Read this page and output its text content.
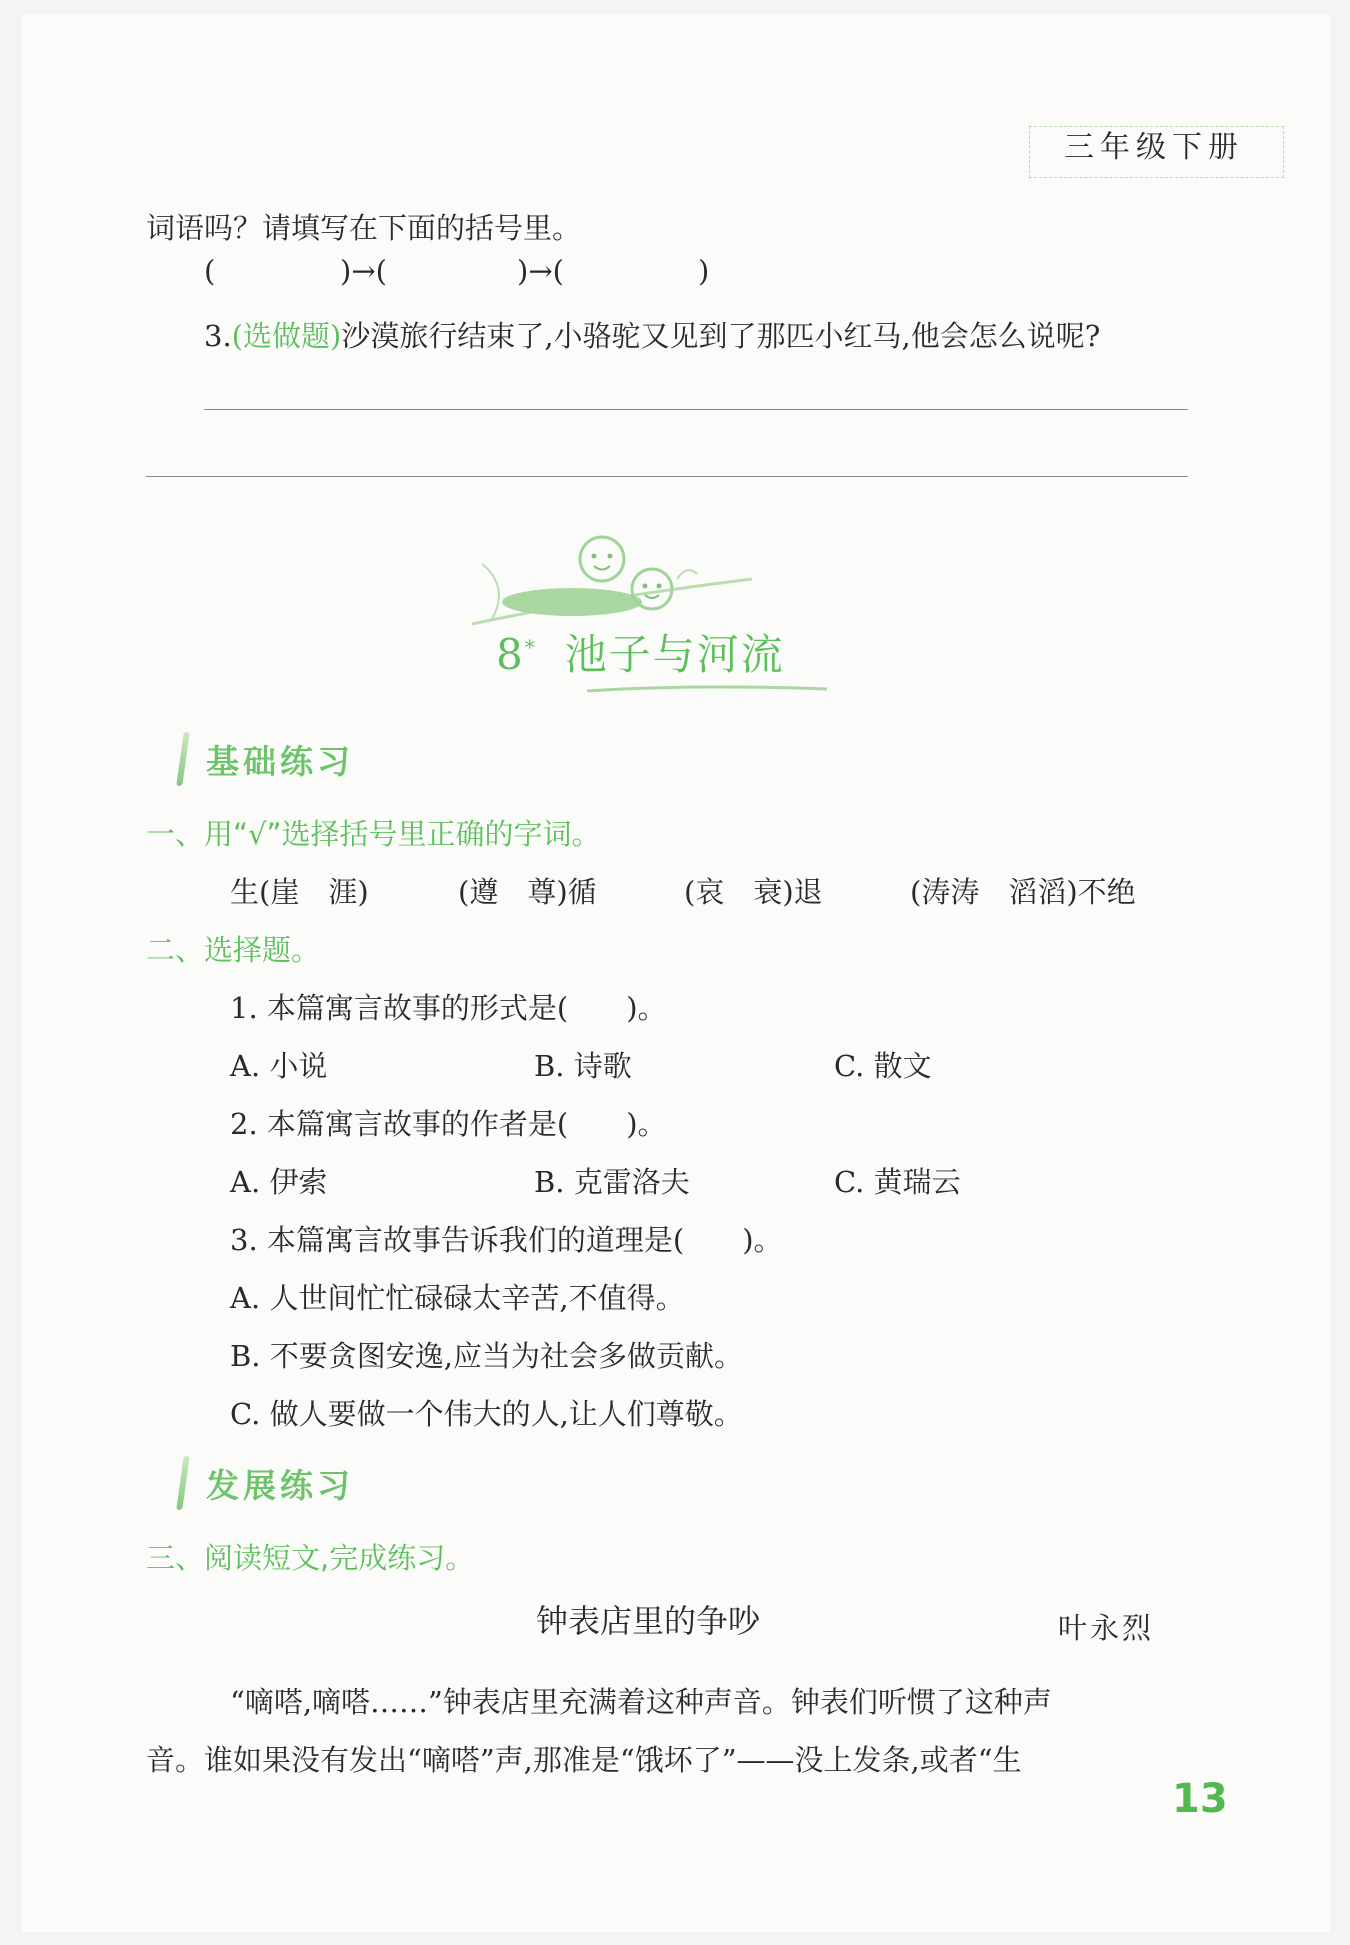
三年级下册
词语吗？请填写在下面的括号里。
(	)→(	)→(	)
3.(选做题)沙漠旅行结束了,小骆驼又见到了那匹小红马,他会怎么说呢?
8* 池子与河流
基础练习
一、用“√”选择括号里正确的字词。
生(崖　涯)	(遵　尊)循	(哀　衰)退	(涛涛　滔滔)不绝
二、选择题。
1. 本篇寓言故事的形式是(　　)。
A. 小说	B. 诗歌	C. 散文
2. 本篇寓言故事的作者是(　　)。
A. 伊索	B. 克雷洛夫	C. 黄瑞云
3. 本篇寓言故事告诉我们的道理是(　　)。
A. 人世间忙忙碌碌太辛苦,不值得。
B. 不要贪图安逸,应当为社会多做贡献。
C. 做人要做一个伟大的人,让人们尊敬。
发展练习
三、阅读短文,完成练习。
钟表店里的争吵	叶永烈
“嘀嗒,嘀嗒……”钟表店里充满着这种声音。钟表们听惯了这种声
音。谁如果没有发出“嘀嗒”声,那准是“饿坏了”——没上发条,或者“生
13
